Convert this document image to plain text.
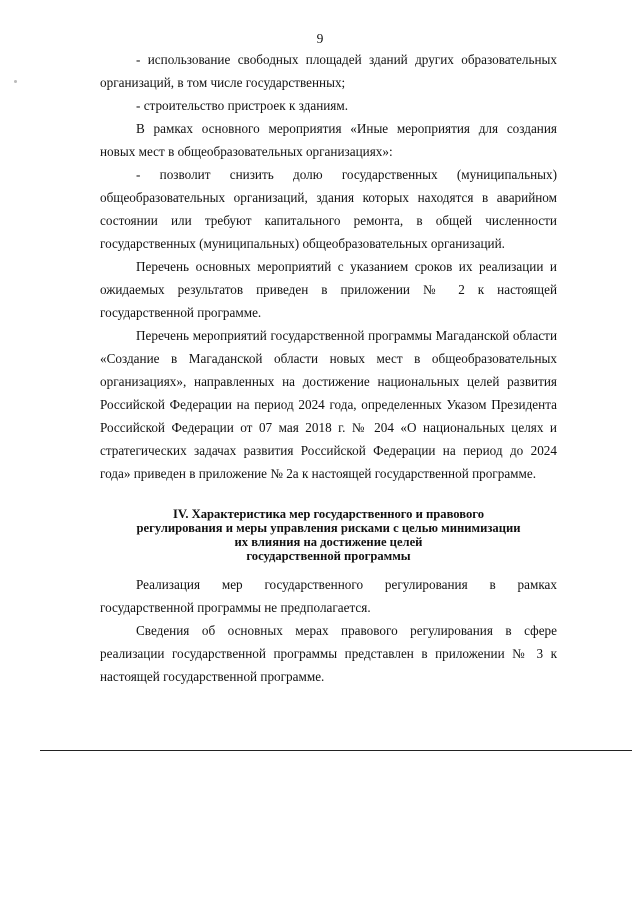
9

- использование свободных площадей зданий других образовательных организаций, в том числе государственных;

- строительство пристроек к зданиям.

В рамках основного мероприятия «Иные мероприятия для создания новых мест в общеобразовательных организациях»:

- позволит снизить долю государственных (муниципальных) общеобразовательных организаций, здания которых находятся в аварийном состоянии или требуют капитального ремонта, в общей численности государственных (муниципальных) общеобразовательных организаций.

Перечень основных мероприятий с указанием сроков их реализации и ожидаемых результатов приведен в приложении № 2 к настоящей государственной программе.

Перечень мероприятий государственной программы Магаданской области «Создание в Магаданской области новых мест в общеобразовательных организациях», направленных на достижение национальных целей развития Российской Федерации на период 2024 года, определенных Указом Президента Российской Федерации от 07 мая 2018 г. № 204 «О национальных целях и стратегических задачах развития Российской Федерации на период до 2024 года» приведен в приложение № 2а к настоящей государственной программе.

IV. Характеристика мер государственного и правового
регулирования и меры управления рисками с целью минимизации
их влияния на достижение целей
государственной программы

Реализация мер государственного регулирования в рамках государственной программы не предполагается.

Сведения об основных мерах правового регулирования в сфере реализации государственной программы представлен в приложении № 3 к настоящей государственной программе.
